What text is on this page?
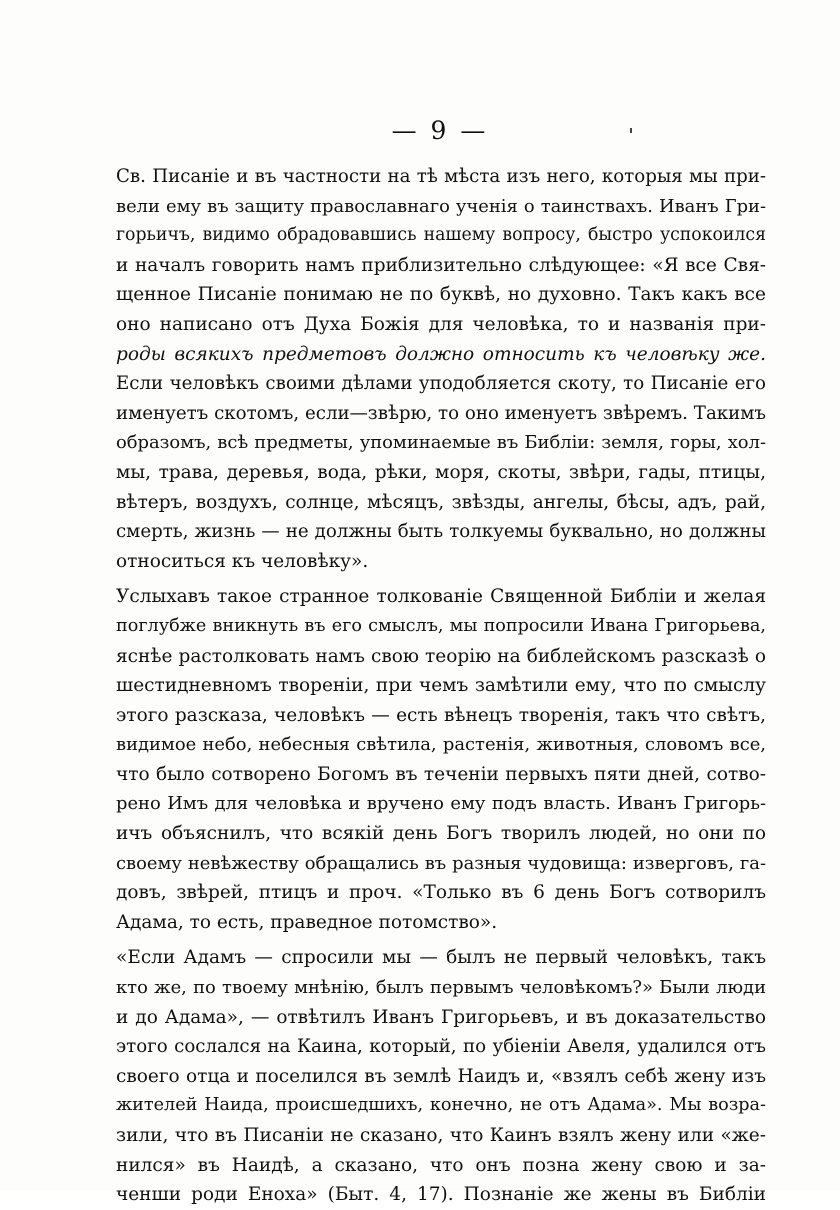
— 9 —
Св. Писаніе и въ частности на тѣ мѣста изъ него, которыя мы при-
вели ему въ защиту православнаго ученія о таинствахъ. Иванъ Гри-
горьичъ, видимо обрадовавшись нашему вопросу, быстро успокоился
и началъ говорить намъ приблизительно слѣдующее: «Я все Свя-
щенное Писаніе понимаю не по буквѣ, но духовно. Такъ какъ все
оно написано отъ Духа Божія для человѣка, то и названія при-
роды всякихъ предметовъ должно относить къ человѣку же.
Если человѣкъ своими дѣлами уподобляется скоту, то Писаніе его
именуетъ скотомъ, если—звѣрю, то оно именуетъ звѣремъ. Такимъ
образомъ, всѣ предметы, упоминаемые въ Библіи: земля, горы, хол-
мы, трава, деревья, вода, рѣки, моря, скоты, звѣри, гады, птицы,
вѣтеръ, воздухъ, солнце, мѣсяцъ, звѣзды, ангелы, бѣсы, адъ, рай,
смерть, жизнь — не должны быть толкуемы буквально, но должны
относиться къ человѣку».
Услыхавъ такое странное толкованіе Священной Библіи и желая
поглубже вникнуть въ его смыслъ, мы попросили Ивана Григорьева,
яснѣе растолковать намъ свою теорію на библейскомъ разсказѣ о
шестидневномъ твореніи, при чемъ замѣтили ему, что по смыслу
этого разсказа, человѣкъ — есть вѣнецъ творенія, такъ что свѣтъ,
видимое небо, небесныя свѣтила, растенія, животныя, словомъ все,
что было сотворено Богомъ въ теченіи первыхъ пяти дней, сотво-
рено Имъ для человѣка и вручено ему подъ власть. Иванъ Григорь-
ичъ объяснилъ, что всякій день Богъ творилъ людей, но они по
своему невѣжеству обращались въ разныя чудовища: изверговъ, га-
довъ, звѣрей, птицъ и проч. «Только въ 6 день Богъ сотворилъ
Адама, то есть, праведное потомство».
«Если Адамъ — спросили мы — былъ не первый человѣкъ, такъ
кто же, по твоему мнѣнію, былъ первымъ человѣкомъ?» Были люди
и до Адама», — отвѣтилъ Иванъ Григорьевъ, и въ доказательство
этого сослался на Каина, который, по убіеніи Авеля, удалился отъ
своего отца и поселился въ землѣ Наидъ и, «взялъ себѣ жену изъ
жителей Наида, происшедшихъ, конечно, не отъ Адама». Мы возра-
зили, что въ Писаніи не сказано, что Каинъ взялъ жену или «же-
нился» въ Наидѣ, а сказано, что онъ позна жену свою и за-
ченши роди Еноха» (Быт. 4, 17). Познаніе же жены въ Библіи
